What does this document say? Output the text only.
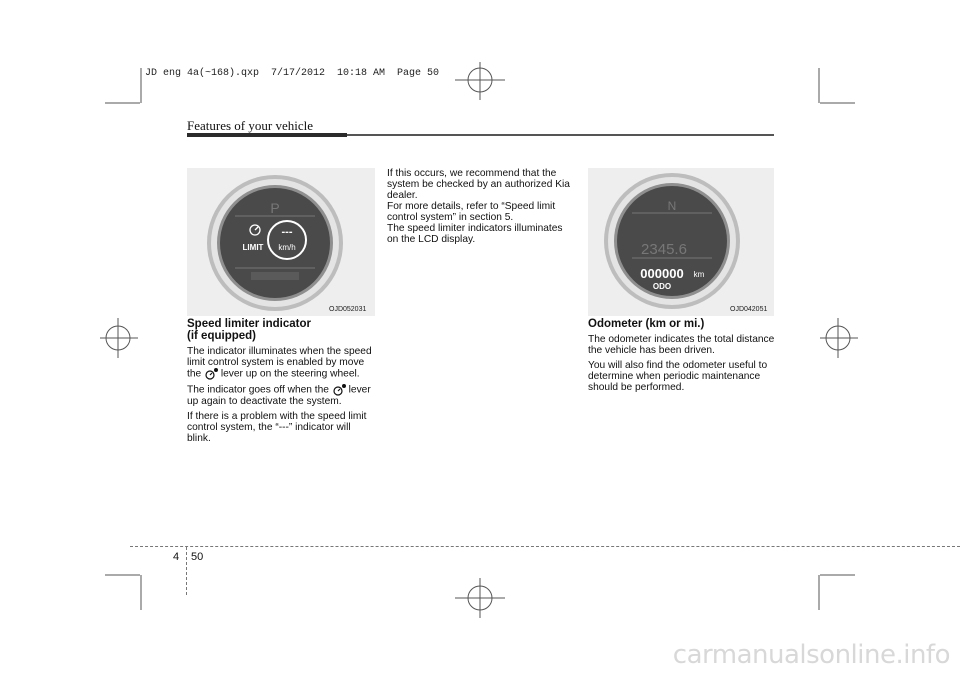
JD eng 4a(~168).qxp  7/17/2012  10:18 AM  Page 50
Features of your vehicle
P
---
km/h
LIMIT
OJD052031
N
2345.6
000000 km
ODO
OJD042051
Speed limiter indicator
(if equipped)

The indicator illuminates when the speed limit control system is enabled by move the lever up on the steering wheel.

The indicator goes off when the lever up again to deactivate the system.

If there is a problem with the speed limit control system, the “---” indicator will blink.

If this occurs, we recommend that the system be checked by an authorized Kia dealer.

For more details, refer to “Speed limit control system” in section 5.

The speed limiter indicators illuminates on the LCD display.

Odometer (km or mi.)

The odometer indicates the total distance the vehicle has been driven.

You will also find the odometer useful to determine when periodic maintenance should be performed.

4 50
carmanualsonline.info
